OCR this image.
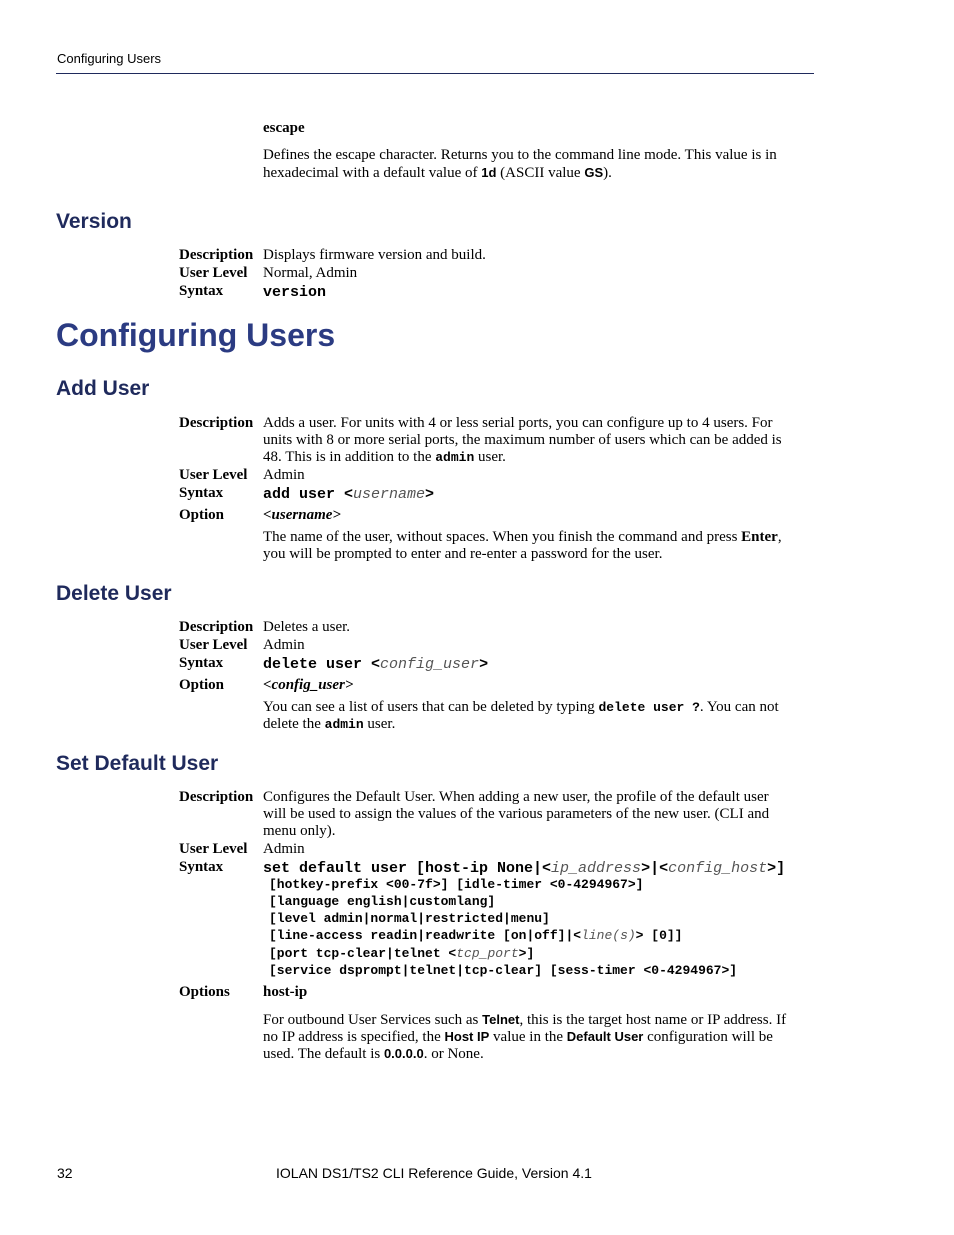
Configuring Users
escape
Defines the escape character. Returns you to the command line mode. This value is in hexadecimal with a default value of 1d (ASCII value GS).
Version
Description Displays firmware version and build.
User Level Normal, Admin
Syntax	version
Configuring Users
Add User
Description Adds a user. For units with 4 or less serial ports, you can configure up to 4 users. For
units with 8 or more serial ports, the maximum number of users which can be added is
48. This is in addition to the admin user.
User Level Admin
Syntax	add user <username>
Option	<username>
The name of the user, without spaces. When you finish the command and press Enter,
you will be prompted to enter and re-enter a password for the user.
Delete User
Description Deletes a user.
User Level Admin
Syntax	delete user <config_user>
Option	<config_user>
You can see a list of users that can be deleted by typing delete user ?. You can not
delete the admin user.
Set Default User
Description Configures the Default User. When adding a new user, the profile of the default user
will be used to assign the values of the various parameters of the new user. (CLI and
menu only).
User Level Admin
Syntax	set default user [host-ip None|<ip_address>|<config_host>]
[hotkey-prefix <00-7f>] [idle-timer <0-4294967>]
[language english|customlang]
[level admin|normal|restricted|menu]
[line-access readin|readwrite [on|off]|<line(s)> [0]]
[port tcp-clear|telnet <tcp_port>]
[service dsprompt|telnet|tcp-clear] [sess-timer <0-4294967>]
Options host-ip
For outbound User Services such as Telnet, this is the target host name or IP address. If
no IP address is specified, the Host IP value in the Default User configuration will be
used. The default is 0.0.0.0. or None.
32	IOLAN DS1/TS2 CLI Reference Guide, Version 4.1
